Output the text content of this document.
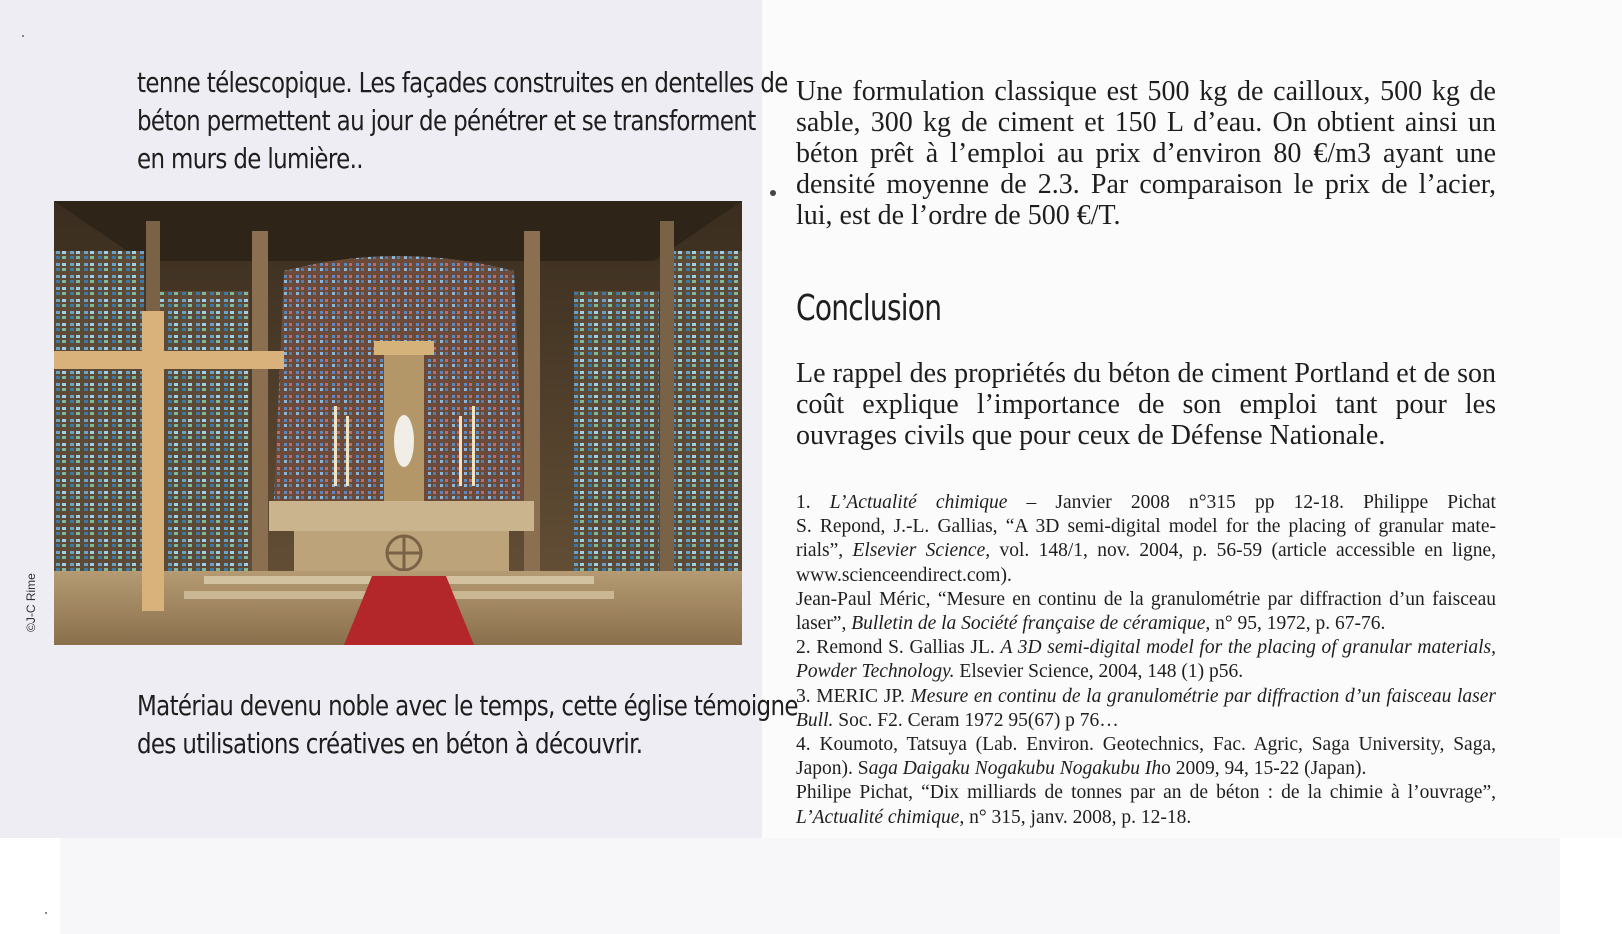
tenne télescopique. Les façades construites en dentelles de
béton permettent au jour de pénétrer et se transforment
en murs de lumière..
©J-C Rime
Matériau devenu noble avec le temps, cette église témoigne
des utilisations créatives en béton à découvrir.
Une formulation classique est 500 kg de cailloux, 500 kg de sable, 300 kg de ciment et 150 L d’eau. On obtient ainsi un béton prêt à l’emploi au prix d’environ 80 €/m3 ayant une densité moyenne de 2.3. Par comparaison le prix de l’acier, lui, est de l’ordre de 500 €/T.
Conclusion
Le rappel des propriétés du béton de ciment Portland et de son coût explique l’importance de son emploi tant pour les ouvrages civils que pour ceux de Défense Nationale.
1. L’Actualité chimique – Janvier 2008 n°315 pp 12-18. Philippe Pichat
S. Repond, J.-L. Gallias, “A 3D semi-digital model for the placing of granular mate-
rials”, Elsevier Science, vol. 148/1, nov. 2004, p. 56-59 (article accessible en ligne,
www.scienceendirect.com).
Jean-Paul Méric, “Mesure en continu de la granulométrie par diffraction d’un faisceau
laser”, Bulletin de la Société française de céramique, n° 95, 1972, p. 67-76.
2. Remond S. Gallias JL. A 3D semi-digital model for the placing of granular materials,
Powder Technology. Elsevier Science, 2004, 148 (1) p56.
3. MERIC JP. Mesure en continu de la granulométrie par diffraction d’un faisceau laser
Bull. Soc. F2. Ceram 1972 95(67) p 76…
4. Koumoto, Tatsuya (Lab. Environ. Geotechnics, Fac. Agric, Saga University, Saga,
Japon). Saga Daigaku Nogakubu Nogakubu Iho 2009, 94, 15-22 (Japan).
Philipe Pichat, “Dix milliards de tonnes par an de béton : de la chimie à l’ouvrage”,
L’Actualité chimique, n° 315, janv. 2008, p. 12-18.
